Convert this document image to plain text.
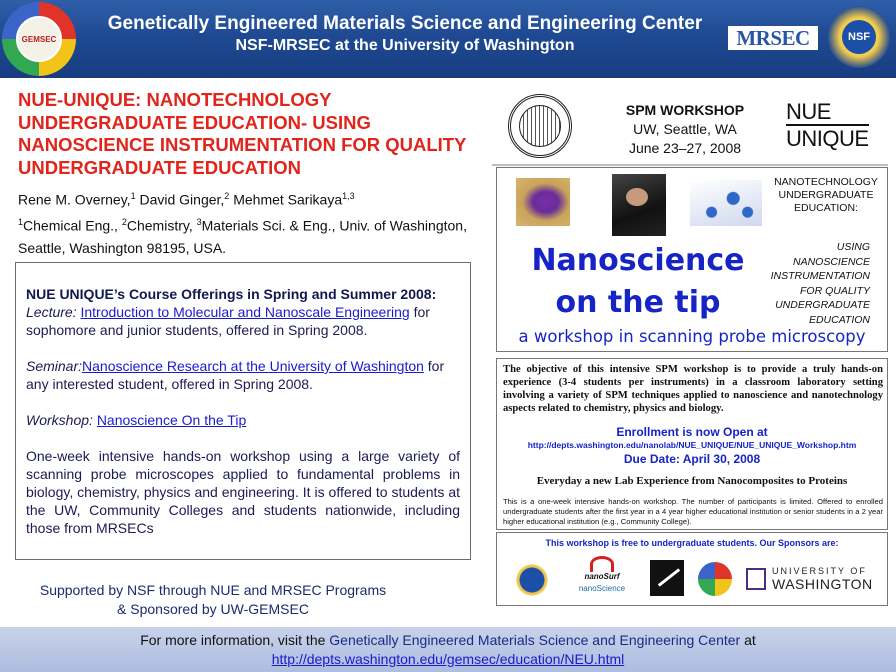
GEMSEC
Genetically Engineered Materials Science and Engineering Center
NSF-MRSEC at the University of Washington	MRSEC	NSF
NUE-UNIQUE: NANOTECHNOLOGY UNDERGRADUATE EDUCATION- USING NANOSCIENCE INSTRUMENTATION FOR QUALITY UNDERGRADUATE EDUCATION
Rene M. Overney,$^1$ David Ginger,$^2$ Mehmet Sarikaya$^{1,3}$
$^1$Chemical Eng., $^2$Chemistry, $^3$Materials Sci. & Eng., Univ. of Washington, Seattle, Washington 98195, USA.

NUE UNIQUE’s Course Offerings in Spring and Summer 2008:
Lecture: Introduction to Molecular and Nanoscale Engineering for sophomore and junior students, offered in Spring 2008.

Seminar:Nanoscience Research at the University of Washington for any interested student, offered in Spring 2008.

Workshop: Nanoscience On the Tip

One-week intensive hands-on workshop using a large variety of scanning probe microscopes applied to fundamental problems in biology, chemistry, physics and engineering. It is offered to students at the UW, Community Colleges and students nationwide, including those from MRSECs

Supported by NSF through NUE and MRSEC Programs
& Sponsored by UW-GEMSEC
SPM WORKSHOP
UW, Seattle, WA
June 23–27, 2008
NUE
UNIQUE
NANOTECHNOLOGY UNDERGRADUATE EDUCATION:
USING NANOSCIENCE INSTRUMENTATION FOR QUALITY UNDERGRADUATE EDUCATION
Nanoscience
on the tip
a workshop in scanning probe microscopy
The objective of this intensive SPM workshop is to provide a truly hands-on experience (3-4 students per instruments) in a classroom laboratory setting involving a variety of SPM techniques applied to nanoscience and nanotechnology aspects related to chemistry, physics and biology.
Enrollment is now Open at
http://depts.washington.edu/nanolab/NUE_UNIQUE/NUE_UNIQUE_Workshop.htm
Due Date: April 30, 2008
Everyday a new Lab Experience from Nanocomposites to Proteins
This is a one-week intensive hands-on workshop. The number of participants is limited. Offered to enrolled undergraduate students after the first year in a 4 year higher educational institution or senior students in a 2 year higher educational institution (e.g., Community College).
This workshop is free to undergraduate students. Our Sponsors are:
nanoSurf
nanoScience
UNIVERSITY OF
WASHINGTON
For more information, visit the Genetically Engineered Materials Science and Engineering Center at
http://depts.washington.edu/gemsec/education/NEU.html
◂ ◼ ▸
